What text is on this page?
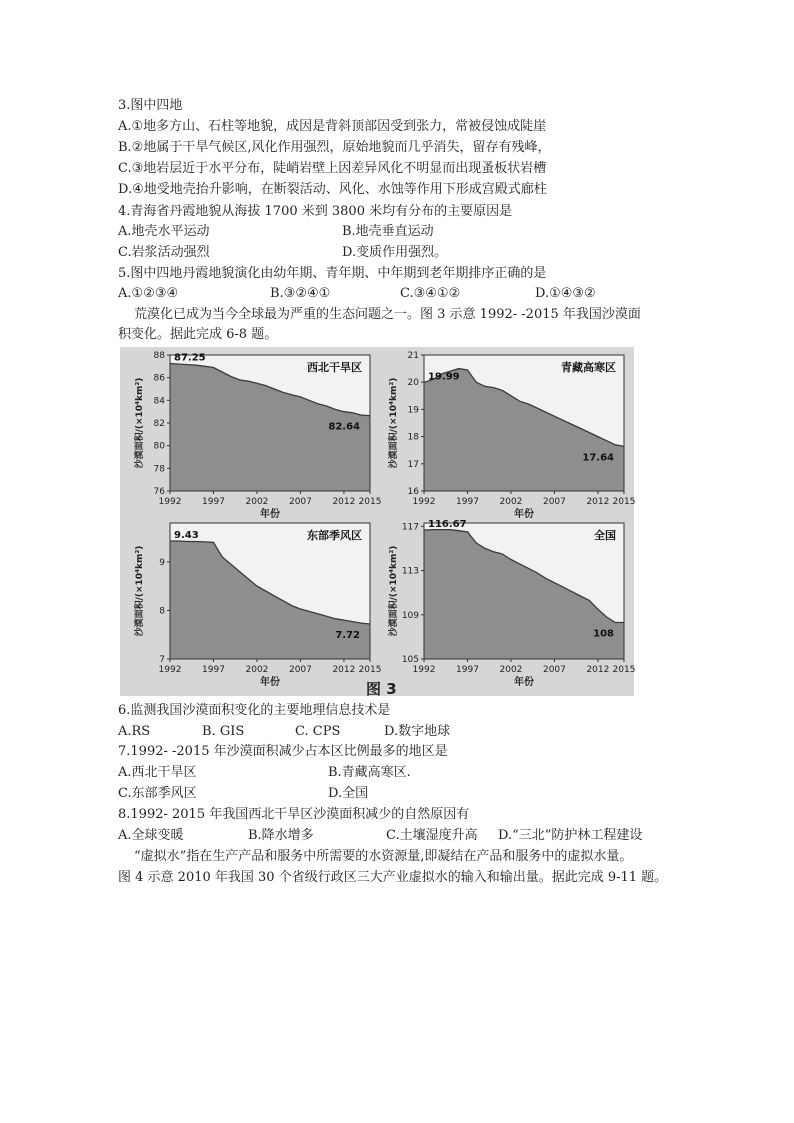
3.图中四地
A.①地多方山、石柱等地貌，成因是背斜顶部因受到张力，常被侵蚀成陡崖
B.②地属于干旱气候区,风化作用强烈，原始地貌而几乎消失，留存有残峰，
C.③地岩层近于水平分布，陡峭岩壁上因差异风化不明显而出现蚤板状岩槽
D.④地受地壳抬升影响，在断裂活动、风化、水蚀等作用下形成宫殿式廊柱
4.青海省丹霞地貌从海拔 1700 米到 3800 米均有分布的主要原因是
A.地壳水平运动	B.地壳垂直运动
C.岩浆活动强烈	D.变质作用强烈。
5.图中四地丹霞地貌演化由幼年期、青年期、中年期到老年期排序正确的是
A.①②③④	B.③②④①	C.③④①②	D.①④③②
荒漠化已成为当今全球最为严重的生态问题之一。图 3 示意 1992- -2015 年我国沙漠面
积变化。据此完成 6-8 题。
76
78
80
82
84
86
88
1992 1997 2002 2007 2012 2015
年份
沙漠面积/(×10⁴km²)
西北干旱区
87.25
82.64
16
17
18
19
20
21
1992 1997 2002 2007 2012 2015
年份
沙漠面积/(×10⁴km²)
青藏高寒区
19.99
17.64
7
8
9
1992 1997 2002 2007 2012 2015
年份
沙漠面积/(×10⁴km²)
东部季风区
9.43
7.72
105
109
113
117
1992 1997 2002 2007 2012 2015
年份
沙漠面积/(×10⁴km²)
全国
116.67
108
图 3
6.监测我国沙漠面积变化的主要地理信息技术是
A.RS	B. GIS	C. CPS	D.数字地球
7.1992- -2015 年沙漠面积减少占本区比例最多的地区是
A.西北干旱区	B.青藏高寒区.
C.东部季风区	D.全国
8.1992- 2015 年我国西北干旱区沙漠面积减少的自然原因有
A.全球变暖	B.降水增多	C.土壤湿度升高 D.“三北”防护林工程建设
“虚拟水”指在生产产品和服务中所需要的水资源量,即凝结在产品和服务中的虚拟水量。
图 4 示意 2010 年我国 30 个省级行政区三大产业虚拟水的输入和输出量。据此完成 9-11 题。
